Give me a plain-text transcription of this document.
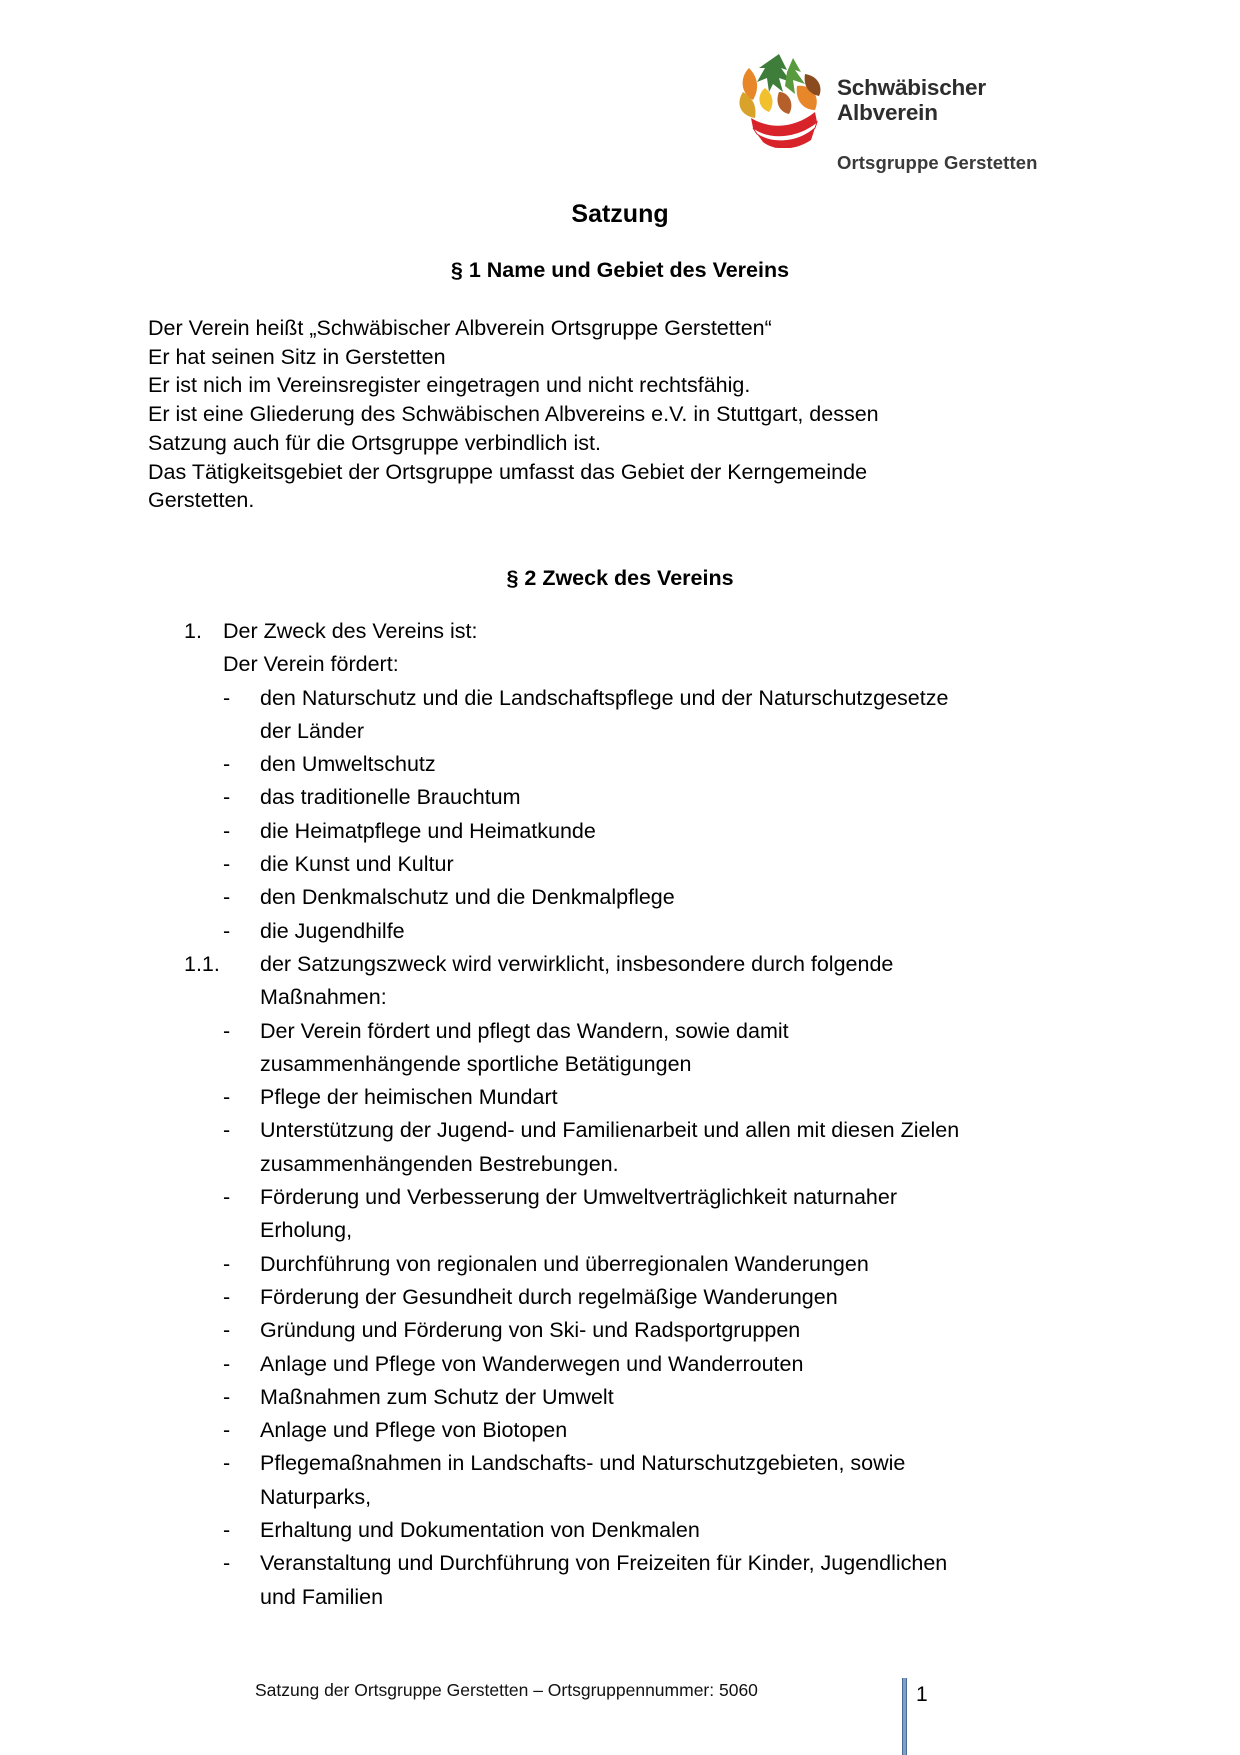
Schwäbischer
Albverein
Ortsgruppe Gerstetten
Satzung
§ 1 Name und Gebiet des Vereins
Der Verein heißt „Schwäbischer Albverein Ortsgruppe Gerstetten“
Er hat seinen Sitz in Gerstetten
Er ist nich im Vereinsregister eingetragen und nicht rechtsfähig.
Er ist eine Gliederung des Schwäbischen Albvereins e.V. in Stuttgart, dessen
Satzung auch für die Ortsgruppe verbindlich ist.
Das Tätigkeitsgebiet der Ortsgruppe umfasst das Gebiet der Kerngemeinde
Gerstetten.
§ 2 Zweck des Vereins
1. Der Zweck des Vereins ist:
Der Verein fördert:
-	den Naturschutz und die Landschaftspflege und der Naturschutzgesetze
der Länder
-	den Umweltschutz
-	das traditionelle Brauchtum
-	die Heimatpflege und Heimatkunde
-	die Kunst und Kultur
-	den Denkmalschutz und die Denkmalpflege
-	die Jugendhilfe
1.1.	der Satzungszweck wird verwirklicht, insbesondere durch folgende
Maßnahmen:
-	Der Verein fördert und pflegt das Wandern, sowie damit
zusammenhängende sportliche Betätigungen
-	Pflege der heimischen Mundart
-	Unterstützung der Jugend- und Familienarbeit und allen mit diesen Zielen
zusammenhängenden Bestrebungen.
-	Förderung und Verbesserung der Umweltverträglichkeit naturnaher
Erholung,
-	Durchführung von regionalen und überregionalen Wanderungen
-	Förderung der Gesundheit durch regelmäßige Wanderungen
-	Gründung und Förderung von Ski- und Radsportgruppen
-	Anlage und Pflege von Wanderwegen und Wanderrouten
-	Maßnahmen zum Schutz der Umwelt
-	Anlage und Pflege von Biotopen
-	Pflegemaßnahmen in Landschafts- und Naturschutzgebieten, sowie
Naturparks,
-	Erhaltung und Dokumentation von Denkmalen
-	Veranstaltung und Durchführung von Freizeiten für Kinder, Jugendlichen
und Familien
Satzung der Ortsgruppe Gerstetten – Ortsgruppennummer: 5060	1
